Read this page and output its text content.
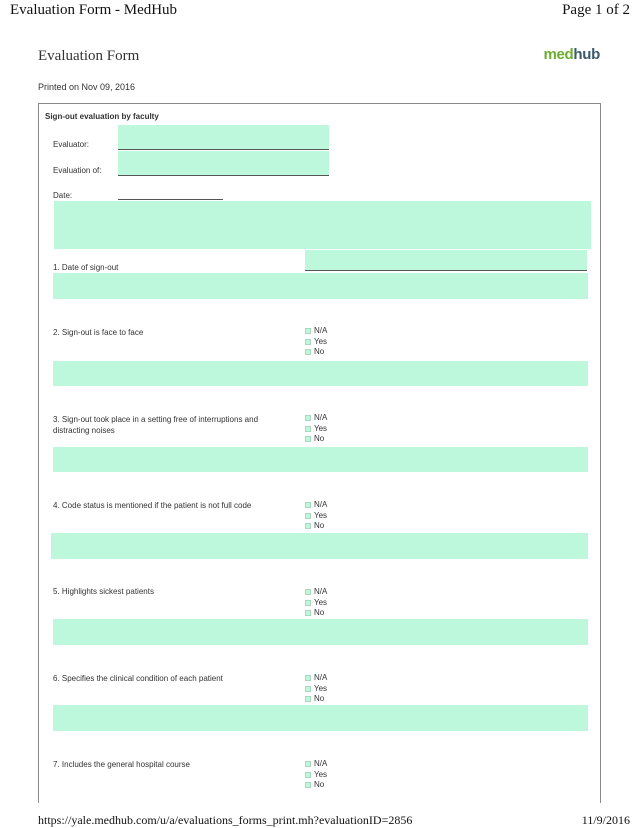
Evaluation Form - MedHub	Page 1 of 2
Evaluation Form	medhub
Printed on Nov 09, 2016
Sign-out evaluation by faculty
Evaluator:
Evaluation of:
Date:
1. Date of sign-out
2. Sign-out is face to face	N/A
Yes
No
3. Sign-out took place in a setting free of interruptions and distracting noises
N/A
Yes
No
4. Code status is mentioned if the patient is not full code	N/A
Yes
No
5. Highlights sickest patients	N/A
Yes
No
6. Specifies the clinical condition of each patient	N/A
Yes
No
7. Includes the general hospital course	N/A
Yes
No
https://yale.medhub.com/u/a/evaluations_forms_print.mh?evaluationID=2856	11/9/2016
